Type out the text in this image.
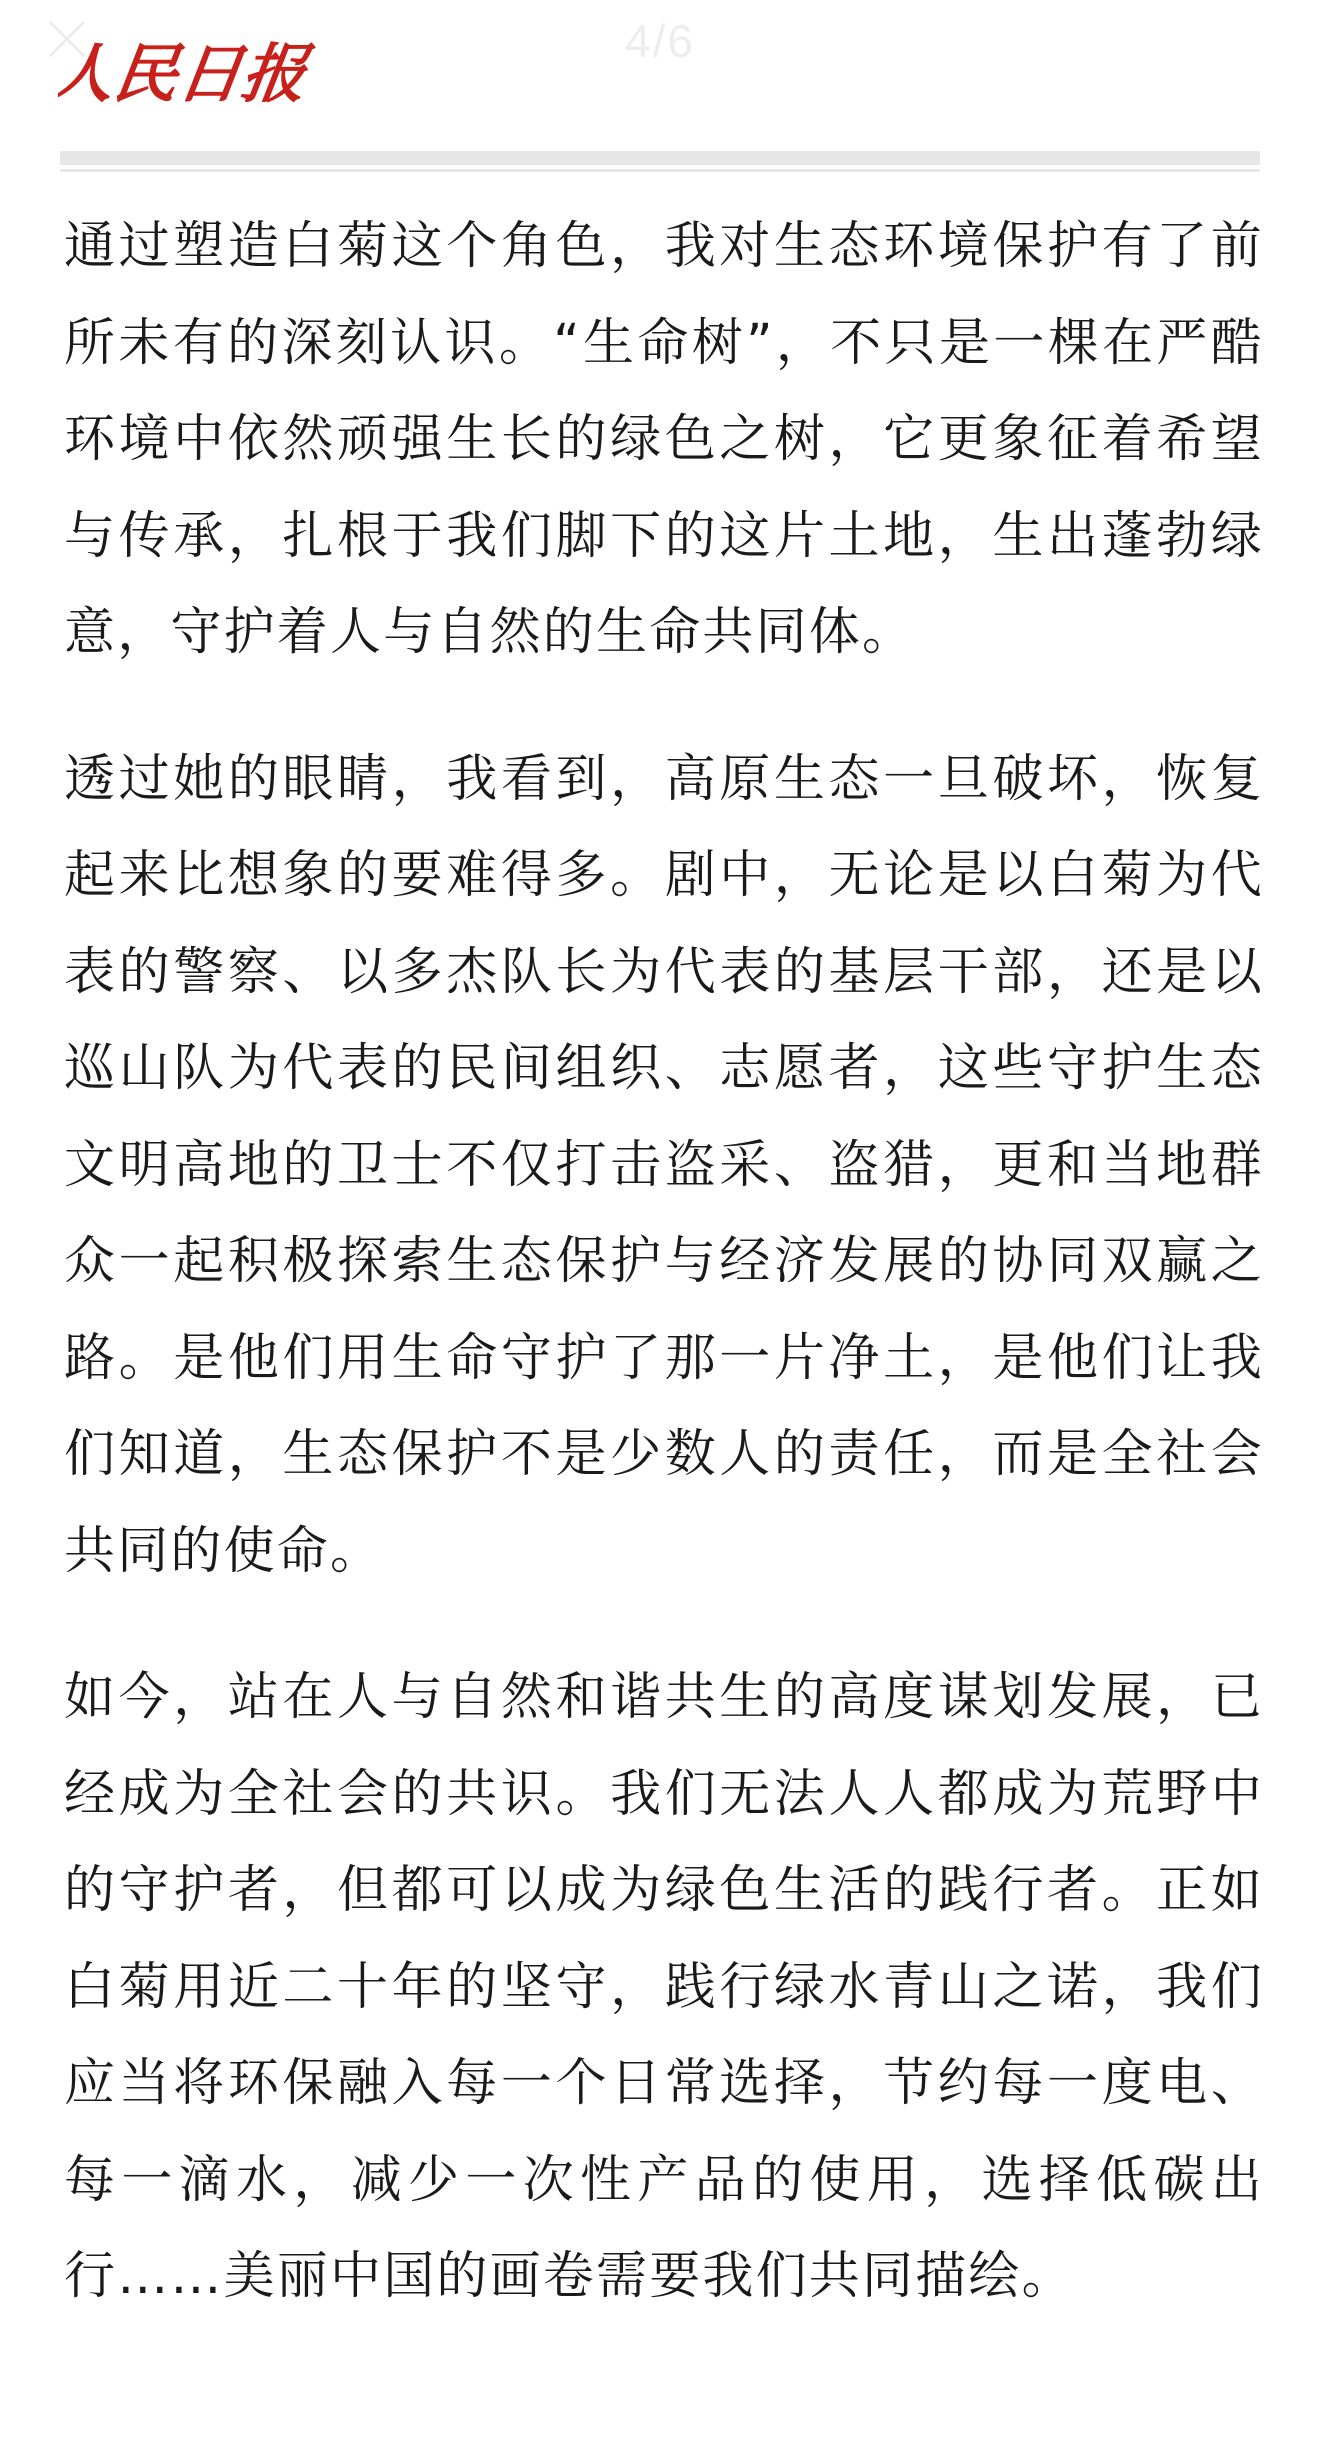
4/6
人民日报

通过塑造白菊这个角色，我对生态环境保护有了前所未有的深刻认识。“生命树”，不只是一棵在严酷环境中依然顽强生长的绿色之树，它更象征着希望与传承，扎根于我们脚下的这片土地，生出蓬勃绿意，守护着人与自然的生命共同体。

透过她的眼睛，我看到，高原生态一旦破坏，恢复起来比想象的要难得多。剧中，无论是以白菊为代表的警察、以多杰队长为代表的基层干部，还是以巡山队为代表的民间组织、志愿者，这些守护生态文明高地的卫士不仅打击盗采、盗猎，更和当地群众一起积极探索生态保护与经济发展的协同双赢之路。是他们用生命守护了那一片净土，是他们让我们知道，生态保护不是少数人的责任，而是全社会共同的使命。

如今，站在人与自然和谐共生的高度谋划发展，已经成为全社会的共识。我们无法人人都成为荒野中的守护者，但都可以成为绿色生活的践行者。正如白菊用近二十年的坚守，践行绿水青山之诺，我们应当将环保融入每一个日常选择，节约每一度电、每一滴水，减少一次性产品的使用，选择低碳出行……美丽中国的画卷需要我们共同描绘。
